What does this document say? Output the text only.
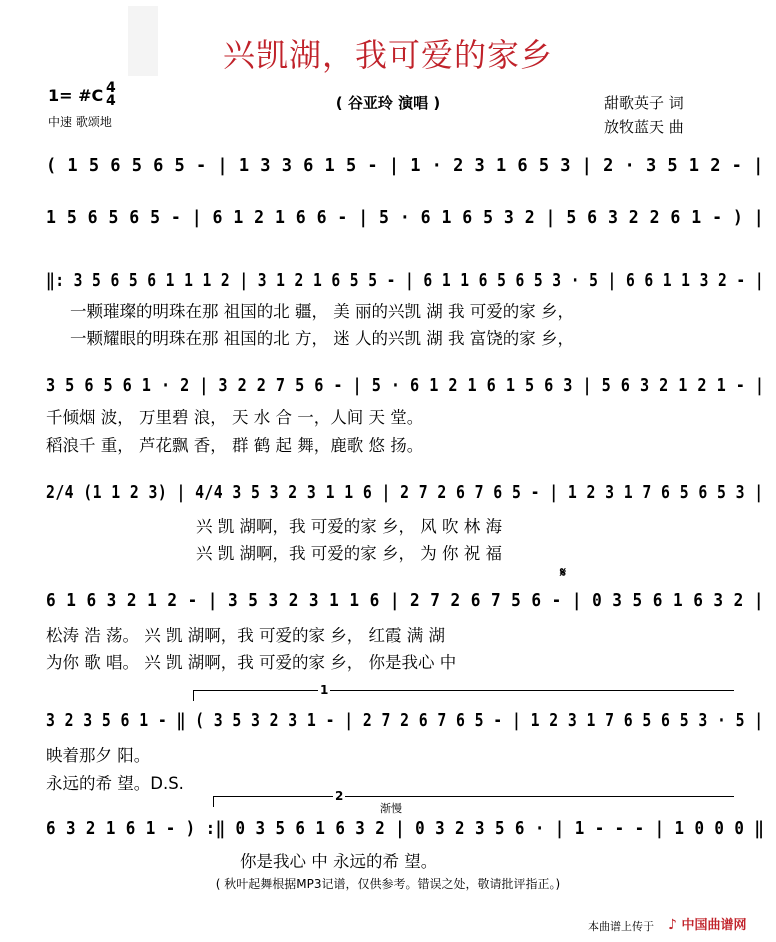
兴凯湖，我可爱的家乡
1= #C 4
4
中速 歌颂地
( 谷亚玲 演唱 )	甜歌英子 词
放牧蓝天 曲
( 1 5 6 5 6 5 - | 1 3 3 6 1 5 - | 1 · 2 3 1 6 5 3 | 2 · 3 5 1 2 - |
1 5 6 5 6 5 - | 6 1 2 1 6 6 - | 5 · 6 1 6 5 3 2 | 5 6 3 2 2 6 1 - ) |
‖: 3 5 6 5 6 1 1 1 2 | 3 1 2 1 6 5 5 - | 6 1 1 6 5 6 5 3 · 5 | 6 6 1 1 3 2 - |
一颗璀璨的明珠在那 祖国的北 疆， 美 丽的兴凯 湖 我 可爱的家 乡，
一颗耀眼的明珠在那 祖国的北 方， 迷 人的兴凯 湖 我 富饶的家 乡，
3 5 6 5 6 1 · 2 | 3 2 2 7 5 6 - | 5 · 6 1 2 1 6 1 5 6 3 | 5 6 3 2 1 2 1 - |
千倾烟 波， 万里碧 浪， 天 水 合 一，人间 天 堂。
稻浪千 重， 芦花飘 香， 群 鹤 起 舞，鹿歌 悠 扬。
2/4 (1 1 2 3) | 4/4 3 5 3 2 3 1 1 6 | 2 7 2 6 7 6 5 - | 1 2 3 1 7 6 5 6 5 3 |
兴 凯 湖啊，我 可爱的家 乡， 风 吹 林 海
兴 凯 湖啊，我 可爱的家 乡， 为 你 祝 福
𝄋
6 1 6 3 2 1 2 - | 3 5 3 2 3 1 1 6 | 2 7 2 6 7 5 6 - | 0 3 5 6 1 6 3 2 |
松涛 浩 荡。 兴 凯 湖啊，我 可爱的家 乡， 红霞 满 湖
为你 歌 唱。 兴 凯 湖啊，我 可爱的家 乡， 你是我心 中
1
3 2 3 5 6 1 - ‖ ( 3 5 3 2 3 1 - | 2 7 2 6 7 6 5 - | 1 2 3 1 7 6 5 6 5 3 · 5 |
映着那夕 阳。
永远的希 望。D.S.
2
渐慢
6 3 2 1 6 1 - ) :‖ 0 3 5 6 1 6 3 2 | 0 3 2 3 5 6 · | 1 - - - | 1 0 0 0 ‖
你是我心 中 永远的希 望。
( 秋叶起舞根据MP3记谱，仅供参考。错误之处，敬请批评指正。)
本曲谱上传于 ♪ 中国曲谱网
